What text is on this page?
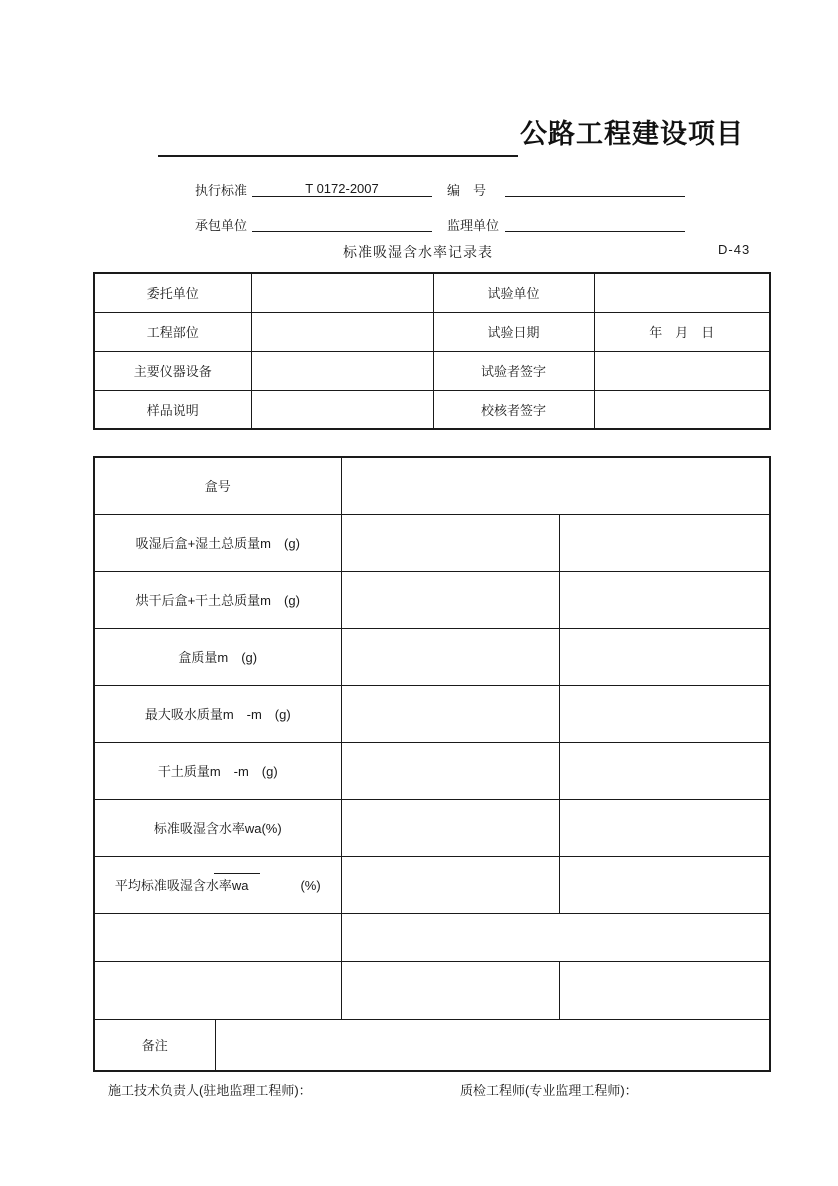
公路工程建设项目
执行标准	T 0172-2007	编　号
承包单位	监理单位
标准吸湿含水率记录表	D-43
委托单位		试验单位	
工程部位		试验日期	年　月　日
主要仪器设备		试验者签字	
样品说明		校核者签字	
盒号			
吸湿后盒+湿土总质量m　(g)			
烘干后盒+干土总质量m　(g)			
盒质量m　(g)			
最大吸水质量m　-m　(g)			
干土质量m　-m　(g)			
标准吸湿含水率wa(%)			
平均标准吸湿含水率wa (%)			

备注			
施工技术负责人(驻地监理工程师)：	质检工程师(专业监理工程师)：
